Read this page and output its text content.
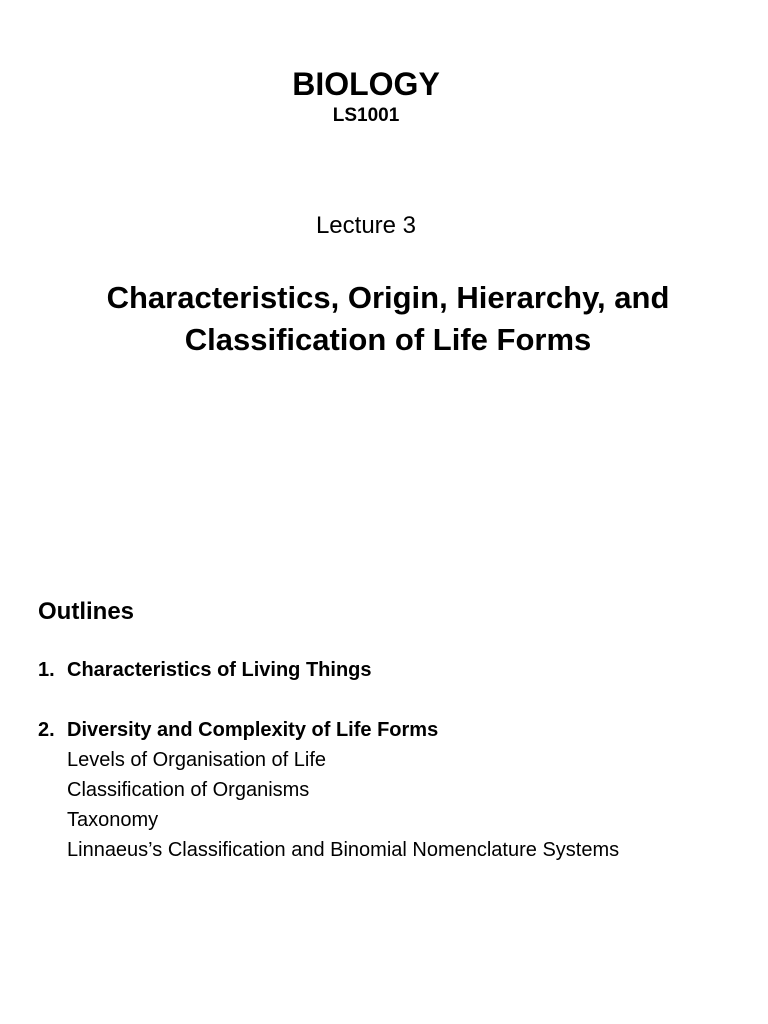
BIOLOGY
LS1001
Lecture 3
Characteristics, Origin, Hierarchy, and Classification of Life Forms
Outlines
1. Characteristics of Living Things
2. Diversity and Complexity of Life Forms
Levels of Organisation of Life
Classification of Organisms
Taxonomy
Linnaeus’s Classification and Binomial Nomenclature Systems
